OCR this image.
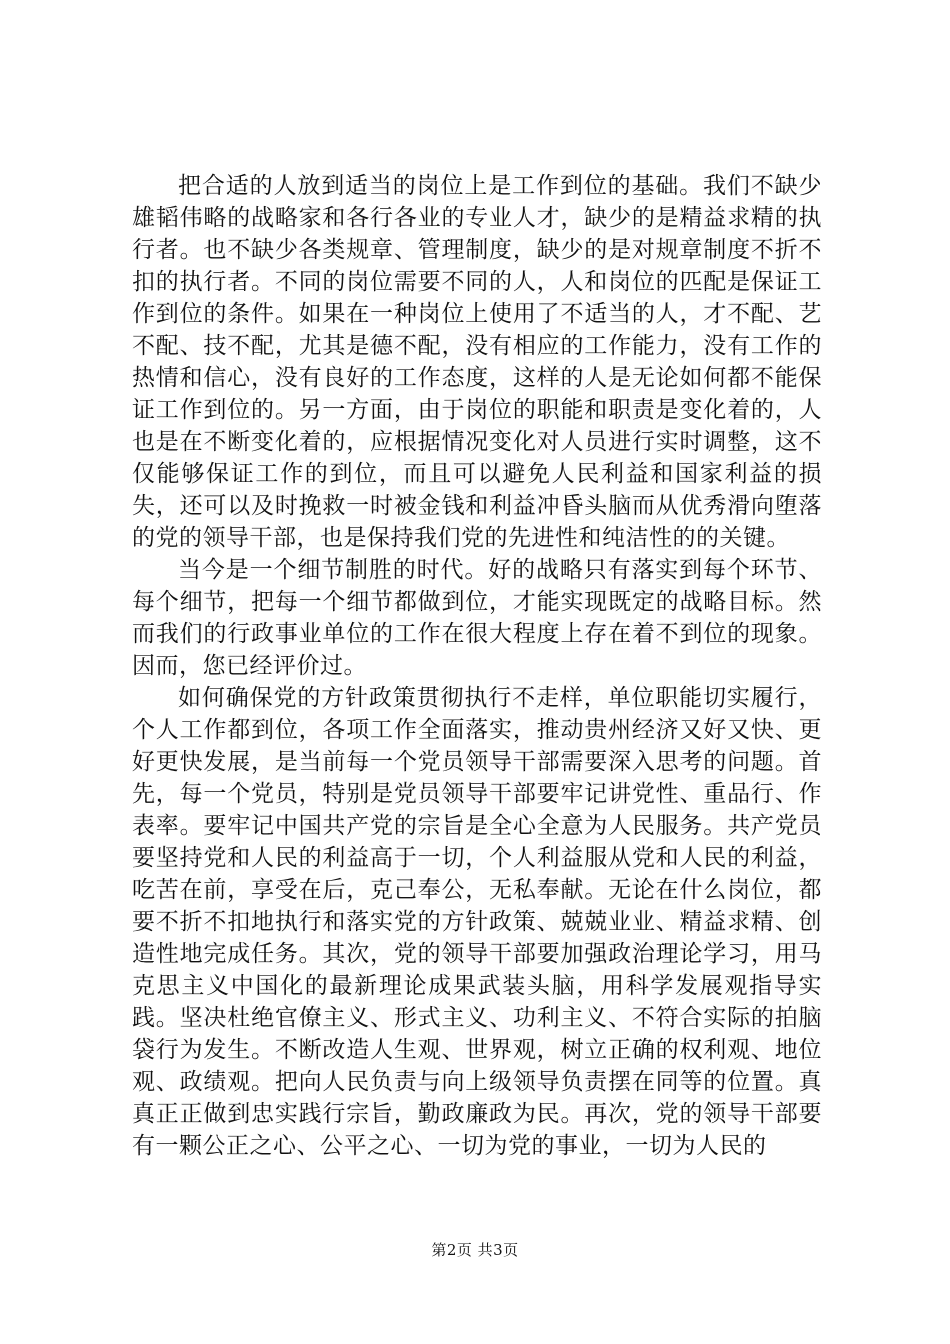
把合适的人放到适当的岗位上是工作到位的基础。我们不缺少雄韬伟略的战略家和各行各业的专业人才，缺少的是精益求精的执行者。也不缺少各类规章、管理制度，缺少的是对规章制度不折不扣的执行者。不同的岗位需要不同的人，人和岗位的匹配是保证工作到位的条件。如果在一种岗位上使用了不适当的人，才不配、艺不配、技不配，尤其是德不配，没有相应的工作能力，没有工作的热情和信心，没有良好的工作态度，这样的人是无论如何都不能保证工作到位的。另一方面，由于岗位的职能和职责是变化着的，人也是在不断变化着的，应根据情况变化对人员进行实时调整，这不仅能够保证工作的到位，而且可以避免人民利益和国家利益的损失，还可以及时挽救一时被金钱和利益冲昏头脑而从优秀滑向堕落的党的领导干部，也是保持我们党的先进性和纯洁性的的关键。

当今是一个细节制胜的时代。好的战略只有落实到每个环节、每个细节，把每一个细节都做到位，才能实现既定的战略目标。然而我们的行政事业单位的工作在很大程度上存在着不到位的现象。因而，您已经评价过。

如何确保党的方针政策贯彻执行不走样，单位职能切实履行，个人工作都到位，各项工作全面落实，推动贵州经济又好又快、更好更快发展，是当前每一个党员领导干部需要深入思考的问题。首先，每一个党员，特别是党员领导干部要牢记讲党性、重品行、作表率。要牢记中国共产党的宗旨是全心全意为人民服务。共产党员要坚持党和人民的利益高于一切，个人利益服从党和人民的利益，吃苦在前，享受在后，克己奉公，无私奉献。无论在什么岗位，都要不折不扣地执行和落实党的方针政策、兢兢业业、精益求精、创造性地完成任务。其次，党的领导干部要加强政治理论学习，用马克思主义中国化的最新理论成果武装头脑，用科学发展观指导实践。坚决杜绝官僚主义、形式主义、功利主义、不符合实际的拍脑袋行为发生。不断改造人生观、世界观，树立正确的权利观、地位观、政绩观。把向人民负责与向上级领导负责摆在同等的位置。真真正正做到忠实践行宗旨，勤政廉政为民。再次，党的领导干部要有一颗公正之心、公平之心、一切为党的事业，一切为人民的

第2页 共3页
